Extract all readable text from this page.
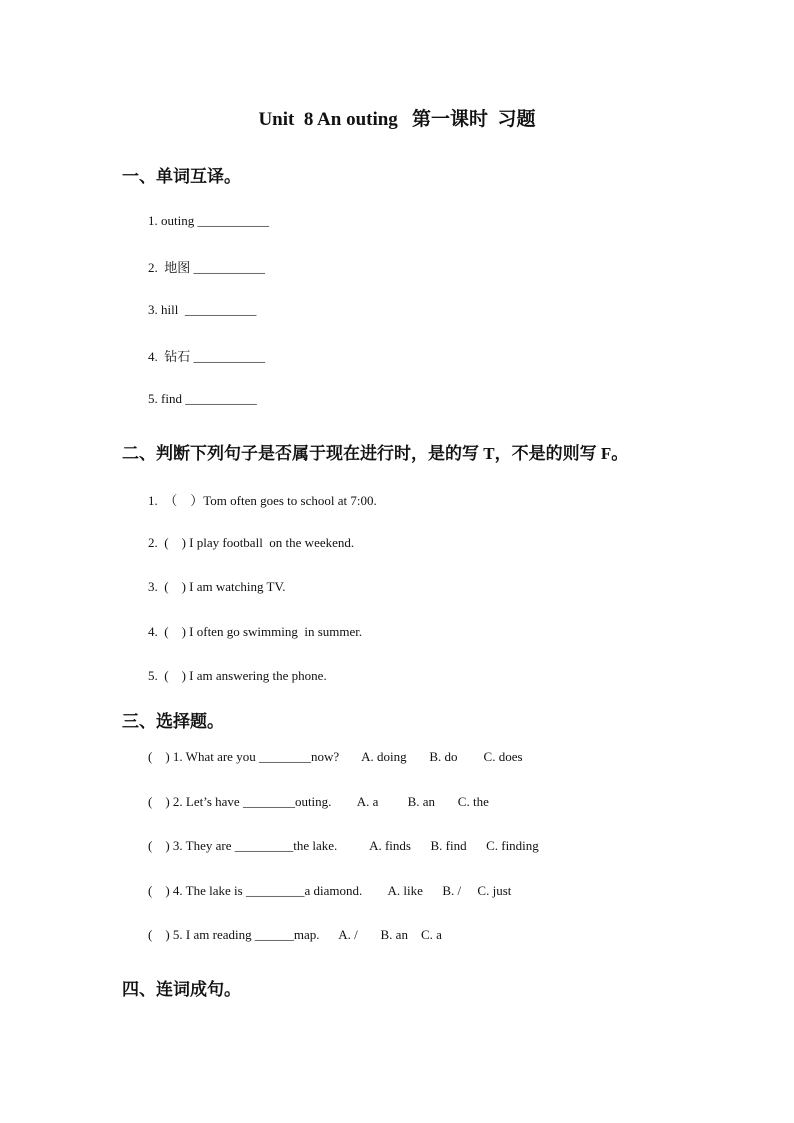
Unit  8 An outing   第一课时  习题
一、单词互译。
1. outing ___________
2.  地图 ___________
3. hill  ___________
4.  钻石 ___________
5. find ___________
二、判断下列句子是否属于现在进行时，是的写 T，不是的则写 F。
1.  （    ）Tom often goes to school at 7:00.
2.  (    ) I play football  on the weekend.
3.  (    ) I am watching TV.
4.  (    ) I often go swimming  in summer.
5.  (    ) I am answering the phone.
三、选择题。
(    ) 1. What are you ________now?       A. doing       B. do        C. does
(    ) 2. Let’s have ________outing.        A. a         B. an       C. the
(    ) 3. They are _________the lake.          A. finds      B. find      C. finding
(    ) 4. The lake is _________a diamond.        A. like      B. /     C. just
(    ) 5. I am reading ______map.      A. /       B. an    C. a
四、连词成句。
